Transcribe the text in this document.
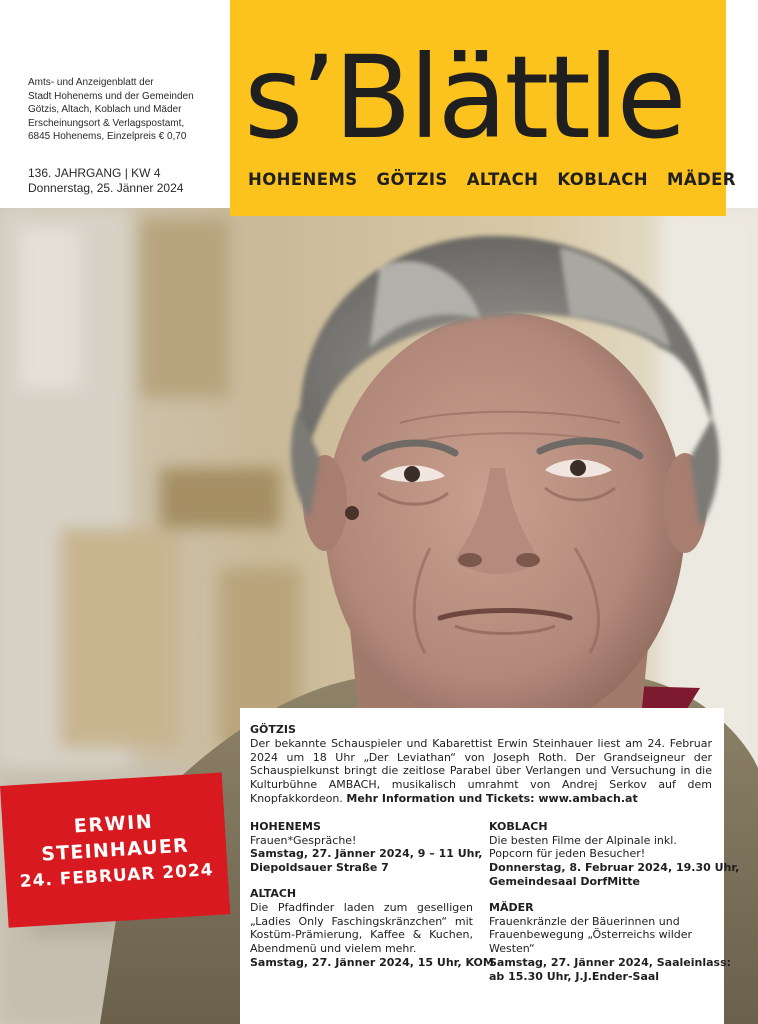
Amts- und Anzeigenblatt der
Stadt Hohenems und der Gemeinden
Götzis, Altach, Koblach und Mäder
Erscheinungsort & Verlagspostamt,
6845 Hohenems, Einzelpreis € 0,70
136. JAHRGANG | KW 4
Donnerstag, 25. Jänner 2024
s’Blättle
HOHENEMS GÖTZIS ALTACH KOBLACH MÄDER
ERWIN
STEINHAUER
24. FEBRUAR 2024
GÖTZIS
Der bekannte Schauspieler und Kabarettist Erwin Steinhauer liest am 24. Februar 2024 um 18 Uhr „Der Leviathan“ von Joseph Roth. Der Grandseigneur der Schauspielkunst bringt die zeitlose Parabel über Verlangen und Versuchung in die Kulturbühne AMBACH, musikalisch umrahmt von Andrej Serkov auf dem Knopfakkordeon. Mehr Information und Tickets: www.ambach.at
HOHENEMS
Frauen*Gespräche!
Samstag, 27. Jänner 2024, 9 – 11 Uhr,
Diepoldsauer Straße 7
ALTACH
Die Pfadfinder laden zum geselligen „Ladies Only Faschingskränzchen“ mit Kostüm-Prämierung, Kaffee & Kuchen, Abendmenü und vielem mehr.
Samstag, 27. Jänner 2024, 15 Uhr, KOM
KOBLACH
Die besten Filme der Alpinale inkl.
Popcorn für jeden Besucher!
Donnerstag, 8. Februar 2024, 19.30 Uhr,
Gemeindesaal DorfMitte
MÄDER
Frauenkränzle der Bäuerinnen und Frauenbewegung „Österreichs wilder Westen“
Samstag, 27. Jänner 2024, Saaleinlass:
ab 15.30 Uhr, J.J.Ender-Saal
